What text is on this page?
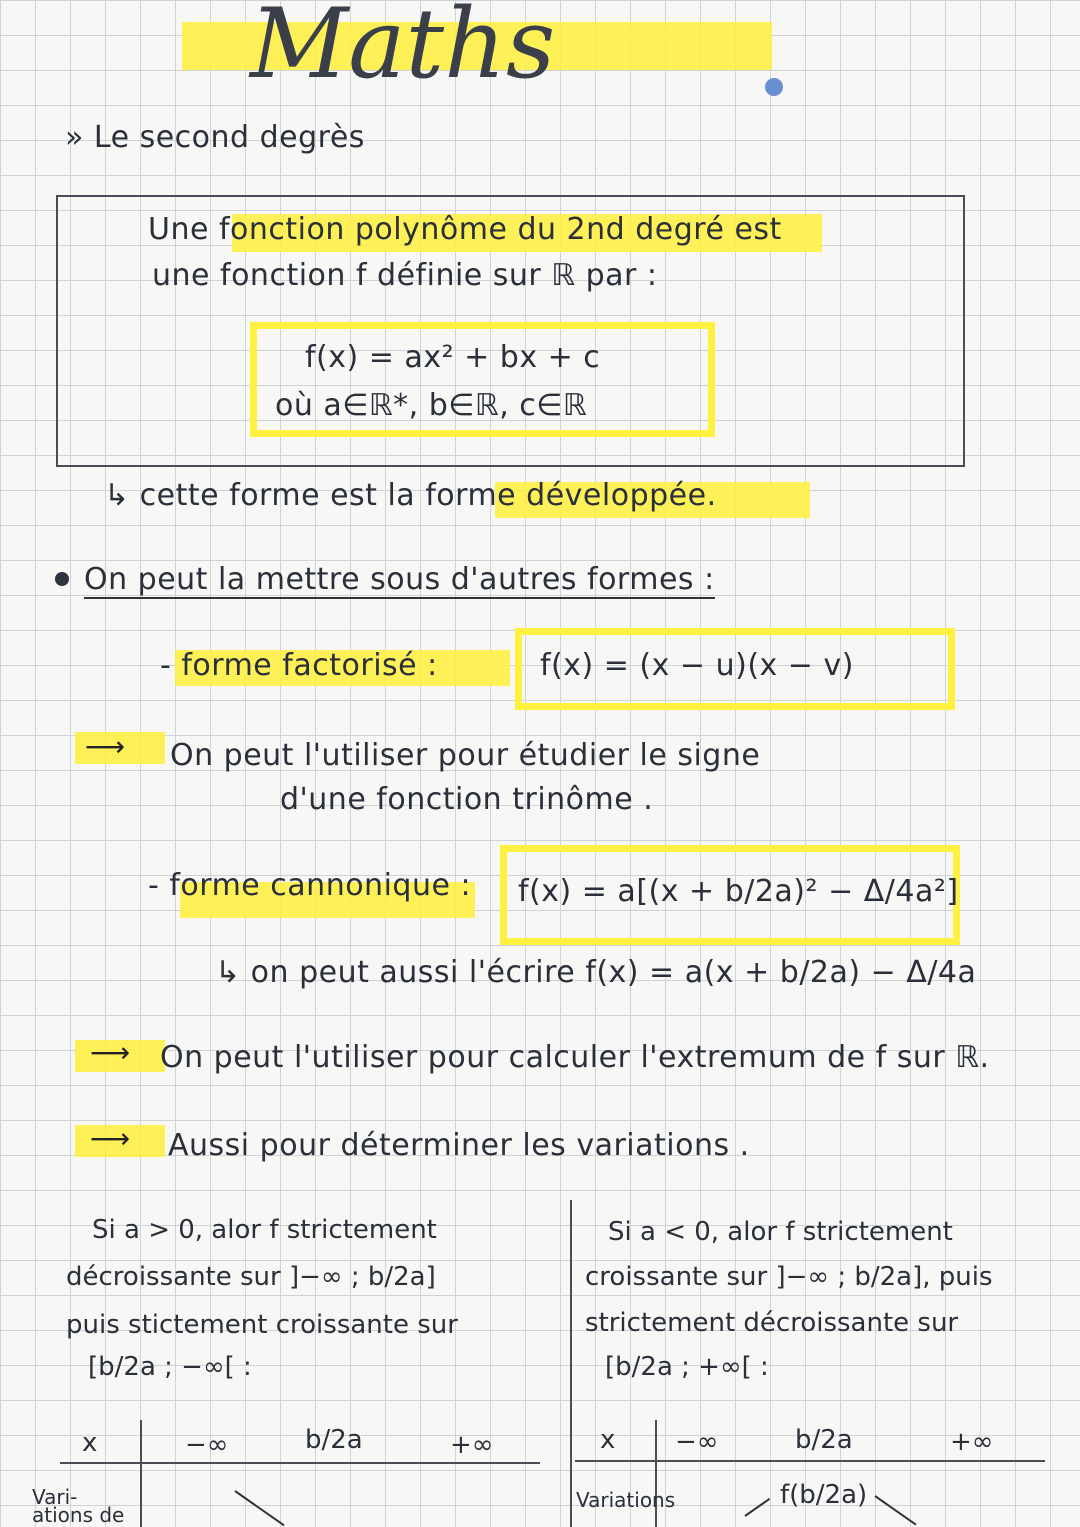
Maths
» Le second degrès
Une fonction polynôme du 2nd degré est
une fonction f définie sur ℝ par :
f(x) = ax² + bx + c
où a∈ℝ*, b∈ℝ, c∈ℝ
↳ cette forme est la forme développée.
On peut la mettre sous d'autres formes :
- forme factorisé :	f(x) = (x − u)(x − v)
⟶ On peut l'utiliser pour étudier le signe
d'une fonction trinôme .
- forme cannonique : f(x) = a[(x + b/2a)² − Δ/4a²]
↳ on peut aussi l'écrire f(x) = a(x + b/2a) − Δ/4a
⟶ On peut l'utiliser pour calculer l'extremum de f sur ℝ.
⟶ Aussi pour déterminer les variations .
Si a > 0, alor f strictement
décroissante sur ]−∞ ; b/2a]
puis stictement croissante sur
[b/2a ; −∞[ :
x	−∞	b/2a	+∞
Vari-ations de
Si a < 0, alor f strictement
croissante sur ]−∞ ; b/2a], puis
strictement décroissante sur
[b/2a ; +∞[ :
x −∞	b/2a	+∞
Variations	f(b/2a)
